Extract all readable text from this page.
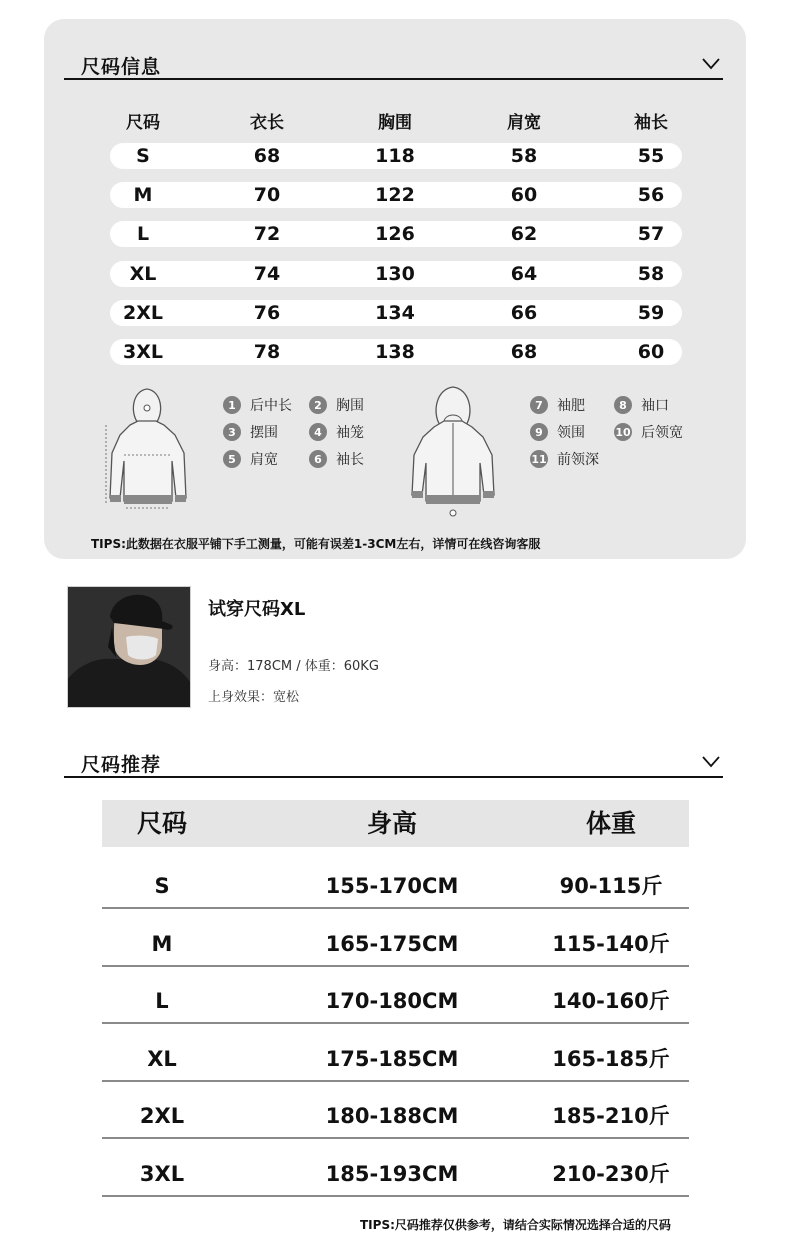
尺码信息
尺码	衣长	胸围	肩宽	袖长
S	68	118	58	55
M	70	122	60	56
L	72	126	62	57
XL	74	130	64	58
2XL	76	134	66	59
3XL	78	138	68	60
1	后中长	2	胸围
3	摆围	4	袖笼
5	肩宽	6	袖长
7	袖肥	8	袖口
9	领围	10 后领宽
11 前领深
TIPS:此数据在衣服平铺下手工测量，可能有误差1-3CM左右，详情可在线咨询客服
试穿尺码XL
身高：178CM / 体重：60KG
上身效果：宽松
尺码推荐
尺码	身高	体重
S	155-170CM	90-115斤
M	165-175CM	115-140斤
L	170-180CM	140-160斤
XL	175-185CM	165-185斤
2XL	180-188CM	185-210斤
3XL	185-193CM	210-230斤
TIPS:尺码推荐仅供参考，请结合实际情况选择合适的尺码
